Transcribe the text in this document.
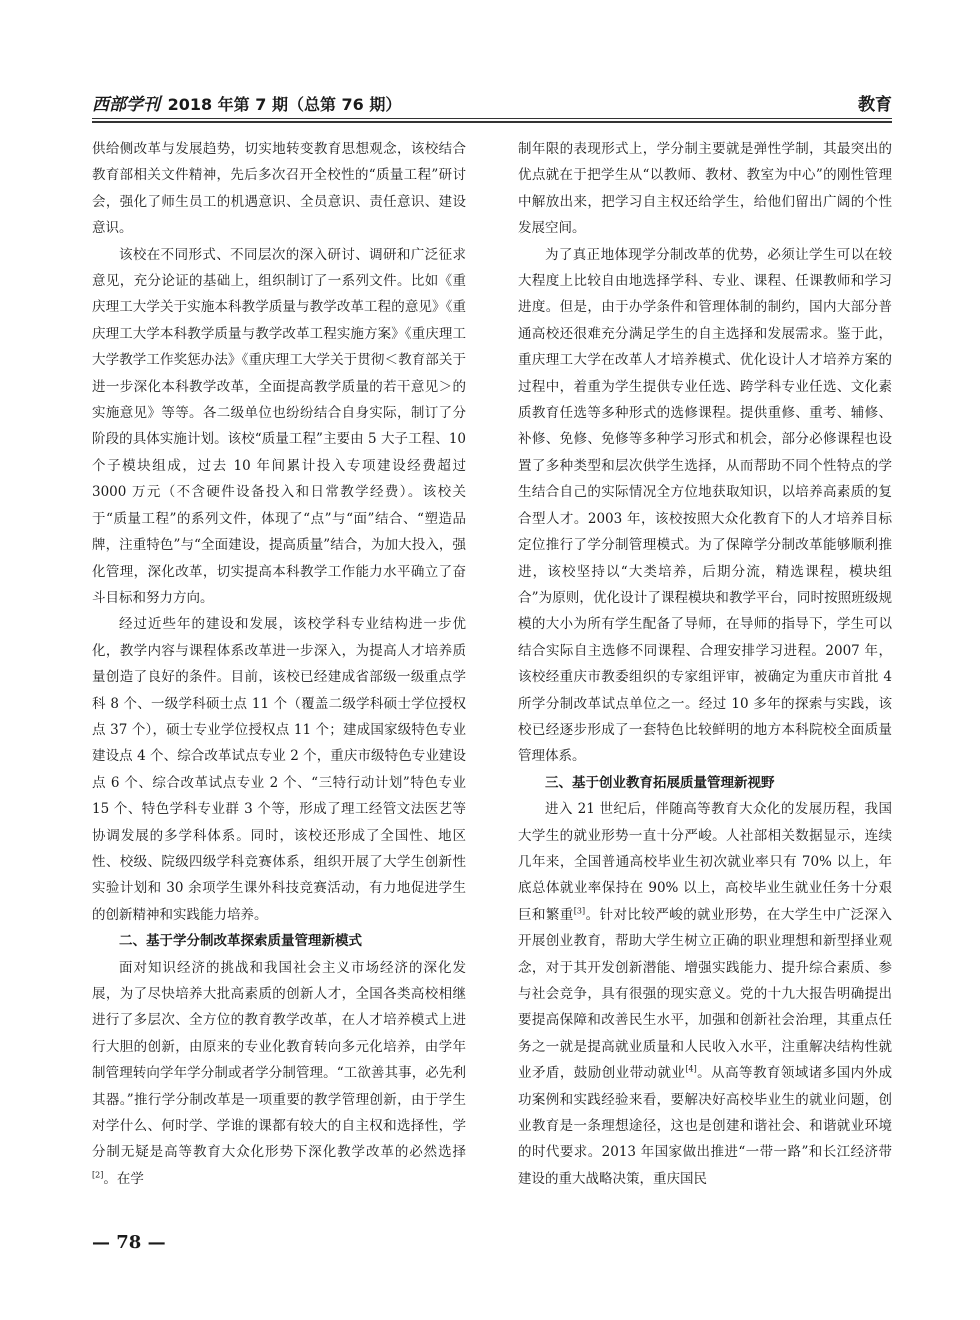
西部学刊 2018 年第 7 期（总第 76 期）	教育

供给侧改革与发展趋势，切实地转变教育思想观念，该校结合教育部相关文件精神，先后多次召开全校性的“质量工程”研讨会，强化了师生员工的机遇意识、全员意识、责任意识、建设意识。

该校在不同形式、不同层次的深入研讨、调研和广泛征求意见，充分论证的基础上，组织制订了一系列文件。比如《重庆理工大学关于实施本科教学质量与教学改革工程的意见》《重庆理工大学本科教学质量与教学改革工程实施方案》《重庆理工大学教学工作奖惩办法》《重庆理工大学关于贯彻＜教育部关于进一步深化本科教学改革，全面提高教学质量的若干意见＞的实施意见》等等。各二级单位也纷纷结合自身实际，制订了分阶段的具体实施计划。该校“质量工程”主要由 5 大子工程、10 个子模块组成，过去 10 年间累计投入专项建设经费超过 3000 万元（不含硬件设备投入和日常教学经费）。该校关于“质量工程”的系列文件，体现了“点”与“面”结合、“塑造品牌，注重特色”与“全面建设，提高质量”结合，为加大投入，强化管理，深化改革，切实提高本科教学工作能力水平确立了奋斗目标和努力方向。

经过近些年的建设和发展，该校学科专业结构进一步优化，教学内容与课程体系改革进一步深入，为提高人才培养质量创造了良好的条件。目前，该校已经建成省部级一级重点学科 8 个、一级学科硕士点 11 个（覆盖二级学科硕士学位授权点 37 个），硕士专业学位授权点 11 个；建成国家级特色专业建设点 4 个、综合改革试点专业 2 个，重庆市级特色专业建设点 6 个、综合改革试点专业 2 个、“三特行动计划”特色专业 15 个、特色学科专业群 3 个等，形成了理工经管文法医艺等协调发展的多学科体系。同时，该校还形成了全国性、地区性、校级、院级四级学科竞赛体系，组织开展了大学生创新性实验计划和 30 余项学生课外科技竞赛活动，有力地促进学生的创新精神和实践能力培养。

二、基于学分制改革探索质量管理新模式

面对知识经济的挑战和我国社会主义市场经济的深化发展，为了尽快培养大批高素质的创新人才，全国各类高校相继进行了多层次、全方位的教育教学改革，在人才培养模式上进行大胆的创新，由原来的专业化教育转向多元化培养，由学年制管理转向学年学分制或者学分制管理。“工欲善其事，必先利其器。”推行学分制改革是一项重要的教学管理创新，由于学生对学什么、何时学、学谁的课都有较大的自主权和选择性，学分制无疑是高等教育大众化形势下深化教学改革的必然选择[2]。在学

制年限的表现形式上，学分制主要就是弹性学制，其最突出的优点就在于把学生从“以教师、教材、教室为中心”的刚性管理中解放出来，把学习自主权还给学生，给他们留出广阔的个性发展空间。

为了真正地体现学分制改革的优势，必须让学生可以在较大程度上比较自由地选择学科、专业、课程、任课教师和学习进度。但是，由于办学条件和管理体制的制约，国内大部分普通高校还很难充分满足学生的自主选择和发展需求。鉴于此，重庆理工大学在改革人才培养模式、优化设计人才培养方案的过程中，着重为学生提供专业任选、跨学科专业任选、文化素质教育任选等多种形式的选修课程。提供重修、重考、辅修、补修、免修、免修等多种学习形式和机会，部分必修课程也设置了多种类型和层次供学生选择，从而帮助不同个性特点的学生结合自己的实际情况全方位地获取知识，以培养高素质的复合型人才。2003 年，该校按照大众化教育下的人才培养目标定位推行了学分制管理模式。为了保障学分制改革能够顺利推进，该校坚持以“大类培养，后期分流，精选课程，模块组合”为原则，优化设计了课程模块和教学平台，同时按照班级规模的大小为所有学生配备了导师，在导师的指导下，学生可以结合实际自主选修不同课程、合理安排学习进程。2007 年，该校经重庆市教委组织的专家组评审，被确定为重庆市首批 4 所学分制改革试点单位之一。经过 10 多年的探索与实践，该校已经逐步形成了一套特色比较鲜明的地方本科院校全面质量管理体系。

三、基于创业教育拓展质量管理新视野

进入 21 世纪后，伴随高等教育大众化的发展历程，我国大学生的就业形势一直十分严峻。人社部相关数据显示，连续几年来，全国普通高校毕业生初次就业率只有 70% 以上，年底总体就业率保持在 90% 以上，高校毕业生就业任务十分艰巨和繁重[3]。针对比较严峻的就业形势，在大学生中广泛深入开展创业教育，帮助大学生树立正确的职业理想和新型择业观念，对于其开发创新潜能、增强实践能力、提升综合素质、参与社会竞争，具有很强的现实意义。党的十九大报告明确提出要提高保障和改善民生水平，加强和创新社会治理，其重点任务之一就是提高就业质量和人民收入水平，注重解决结构性就业矛盾，鼓励创业带动就业[4]。从高等教育领域诸多国内外成功案例和实践经验来看，要解决好高校毕业生的就业问题，创业教育是一条理想途径，这也是创建和谐社会、和谐就业环境的时代要求。2013 年国家做出推进“一带一路”和长江经济带建设的重大战略决策，重庆国民

— 78 —
